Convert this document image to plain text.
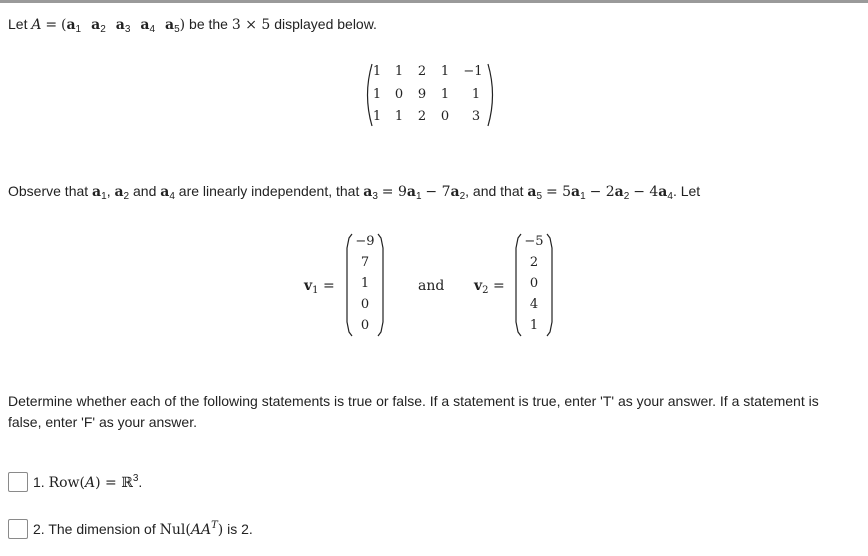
Let $A = (a_1$ $a_2$ $a_3$ $a_4$ $a_5$) be the 3 × 5 displayed below.
1	1	2	1	−1
1	0	9	1	1
1	1	2	0	3
Observe that $a_1$, $a_2$ and $a_4$ are linearly independent, that $a_3 = 9a_1 - 7a_2$, and that $a_5 = 5a_1 - 2a_2 - 4a_4$. Let
$v_1$ =
−9
7
1
0
0
and $v_2$ =
−5
2
0
4
1
Determine whether each of the following statements is true or false. If a statement is true, enter 'T' as your answer. If a statement is false, enter 'F' as your answer.
1. Row(A) = ℝ$^3$.
2. The dimension of $Nul(AA^T)$ is 2.
